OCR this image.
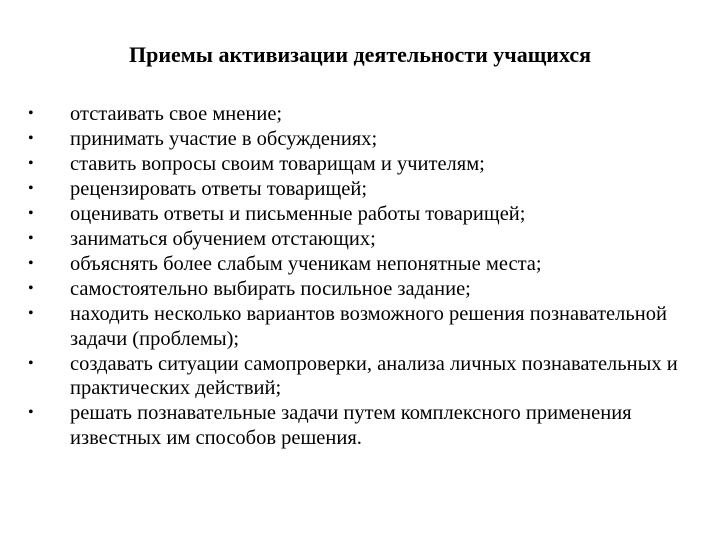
Приемы активизации деятельности учащихся
•	отстаивать свое мнение;
•	принимать участие в обсуждениях;
•	ставить вопросы своим товарищам и учителям;
•	рецензировать ответы товарищей;
•	оценивать ответы и письменные работы товарищей;
•	заниматься обучением отстающих;
•	объяснять более слабым ученикам непонятные места;
•	самостоятельно выбирать посильное задание;
•	находить несколько вариантов возможного решения познавательной задачи (проблемы);
•	создавать ситуации самопроверки, анализа личных познавательных и практических действий;
•	решать познавательные задачи путем комплексного применения известных им способов решения.
